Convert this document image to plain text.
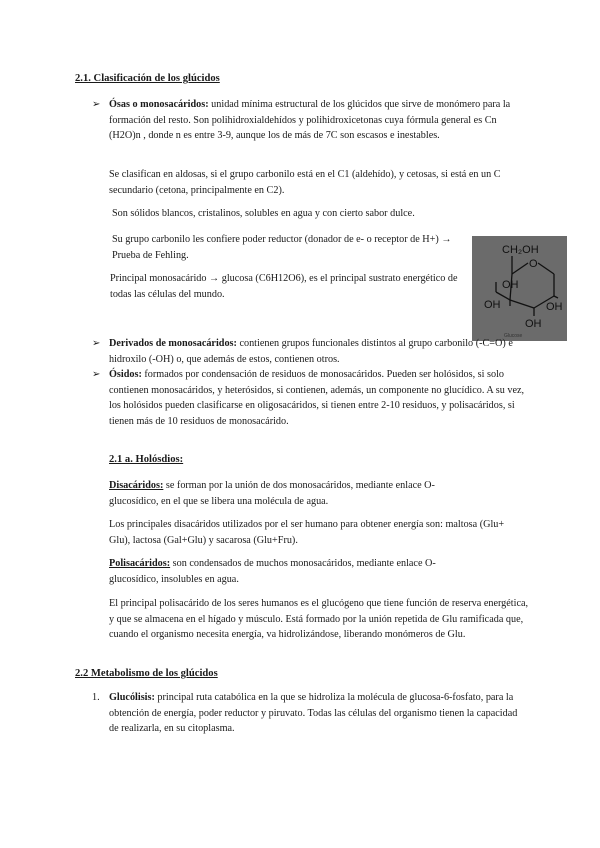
2.1. Clasificación de los glúcidos
➢ Ósas o monosacáridos: unidad mínima estructural de los glúcidos que sirve de monómero para la formación del resto. Son polihidroxialdehídos y polihidroxicetonas cuya fórmula general es Cn (H2O)n , donde n es entre 3-9, aunque los de más de 7C son escasos e inestables.

Se clasifican en aldosas, si el grupo carbonilo está en el C1 (aldehído), y cetosas, si está en un C secundario (cetona, principalmente en C2).

Son sólidos blancos, cristalinos, solubles en agua y con cierto sabor dulce.

Su grupo carbonilo les confiere poder reductor (donador de e- o receptor de H+) → Prueba de Fehling.

Principal monosacárido → glucosa (C6H12O6), es el principal sustrato energético de todas las células del mundo.

CH₂OH
O
OH
OH	OH
OH
Glucose
➢ Derivados de monosacáridos: contienen grupos funcionales distintos al grupo carbonilo (-C=O) e hidroxilo (-OH) o, que además de estos, contienen otros.

➢ Ósidos: formados por condensación de residuos de monosacáridos. Pueden ser holósidos, si solo contienen monosacáridos, y heterósidos, si contienen, además, un componente no glucídico. A su vez, los holósidos pueden clasificarse en oligosacáridos, si tienen entre 2-10 residuos, y polisacáridos, si tienen más de 10 residuos de monosacárido.

2.1 a. Holósdios:

Disacáridos: se forman por la unión de dos monosacáridos, mediante enlace O-glucosídico, en el que se libera una molécula de agua.

Los principales disacáridos utilizados por el ser humano para obtener energía son: maltosa (Glu+ Glu), lactosa (Gal+Glu) y sacarosa (Glu+Fru).

Polisacáridos: son condensados de muchos monosacáridos, mediante enlace O-glucosídico, insolubles en agua.

El principal polisacárido de los seres humanos es el glucógeno que tiene función de reserva energética, y que se almacena en el hígado y músculo. Está formado por la unión repetida de Glu ramificada que, cuando el organismo necesita energía, va hidrolizándose, liberando monómeros de Glu.

2.2 Metabolismo de los glúcidos
1. Glucólisis: principal ruta catabólica en la que se hidroliza la molécula de glucosa-6-fosfato, para la obtención de energía, poder reductor y piruvato. Todas las células del organismo tienen la capacidad de realizarla, en su citoplasma.
